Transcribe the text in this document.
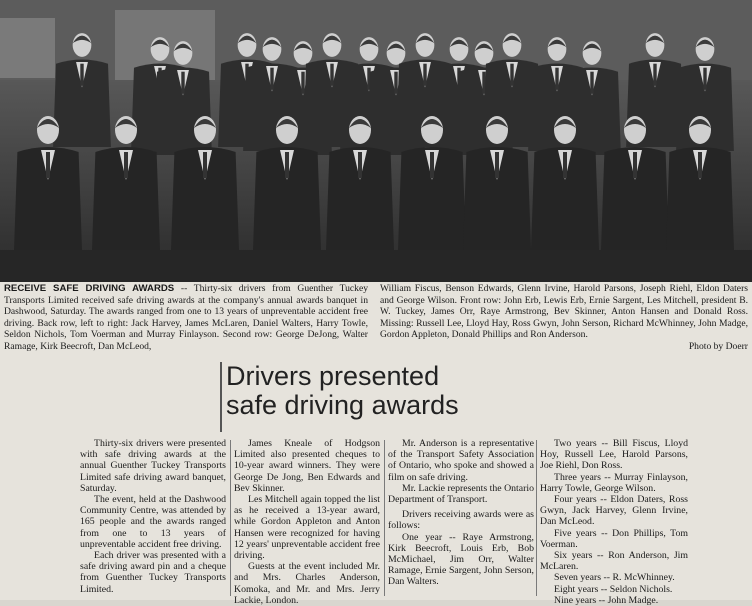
RECEIVE SAFE DRIVING AWARDS -- Thirty-six drivers from Guenther Tuckey Transports Limited received safe driving awards at the company's annual awards banquet in Dashwood, Saturday. The awards ranged from one to 13 years of unpreventable accident free driving. Back row, left to right: Jack Harvey, James McLaren, Daniel Walters, Harry Towle, Seldon Nichols, Tom Voerman and Murray Finlayson. Second row: George DeJong, Walter Ramage, Kirk Beecroft, Dan McLeod,
William Fiscus, Benson Edwards, Glenn Irvine, Harold Parsons, Joseph Riehl, Eldon Daters and George Wilson. Front row: John Erb, Lewis Erb, Ernie Sargent, Les Mitchell, president B. W. Tuckey, James Orr, Raye Armstrong, Bev Skinner, Anton Hansen and Donald Ross. Missing: Russell Lee, Lloyd Hay, Ross Gwyn, John Serson, Richard McWhinney, John Madge, Gordon Appleton, Donald Phillips and Ron Anderson.
Photo by Doerr
Drivers presented
safe driving awards

Thirty-six drivers were presented with safe driving awards at the annual Guenther Tuckey Transports Limited safe driving award banquet, Saturday.

The event, held at the Dashwood Community Centre, was attended by 165 people and the awards ranged from one to 13 years of unpreventable accident free driving.

Each driver was presented with a safe driving award pin and a cheque from Guenther Tuckey Transports Limited.

James Kneale of Hodgson Limited also presented cheques to 10-year award winners. They were George De Jong, Ben Edwards and Bev Skinner.

Les Mitchell again topped the list as he received a 13-year award, while Gordon Appleton and Anton Hansen were recognized for having 12 years' unpreventable accident free driving.

Guests at the event included Mr. and Mrs. Charles Anderson, Komoka, and Mr. and Mrs. Jerry Lackie, London.

Mr. Anderson is a representative of the Transport Safety Association of Ontario, who spoke and showed a film on safe driving.

Mr. Lackie represents the Ontario Department of Transport.

Drivers receiving awards were as follows:

One year -- Raye Armstrong, Kirk Beecroft, Louis Erb, Bob McMichael, Jim Orr, Walter Ramage, Ernie Sargent, John Serson, Dan Walters.

Two years -- Bill Fiscus, Lloyd Hoy, Russell Lee, Harold Parsons, Joe Riehl, Don Ross.

Three years -- Murray Finlayson, Harry Towle, George Wilson.

Four years -- Eldon Daters, Ross Gwyn, Jack Harvey, Glenn Irvine, Dan McLeod.

Five years -- Don Phillips, Tom Voerman.

Six years -- Ron Anderson, Jim McLaren.

Seven years -- R. McWhinney.

Eight years -- Seldon Nichols.

Nine years -- John Madge.
